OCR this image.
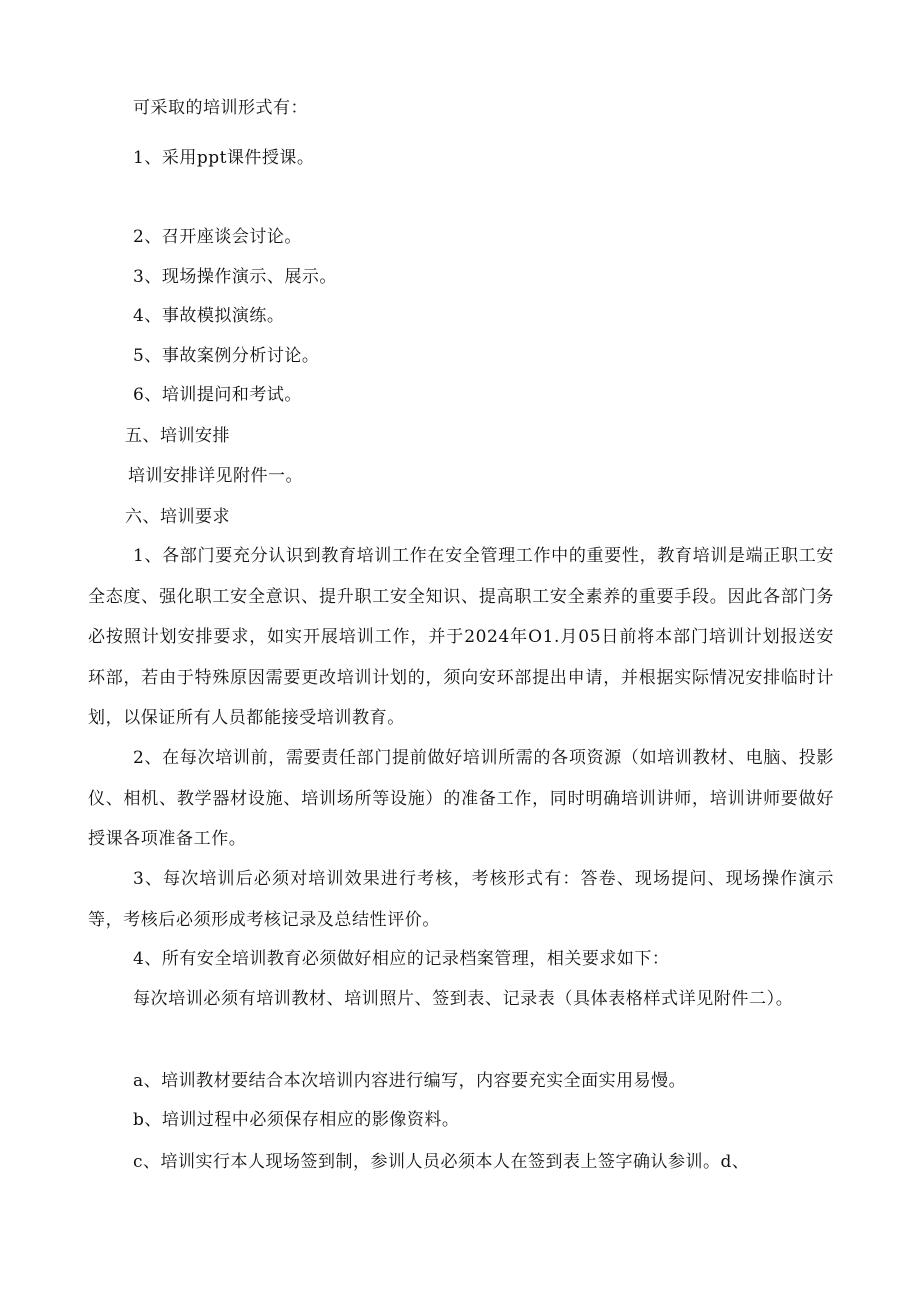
可采取的培训形式有：
1、采用ppt课件授课。
2、召开座谈会讨论。
3、现场操作演示、展示。
4、事故模拟演练。
5、事故案例分析讨论。
6、培训提问和考试。
五、培训安排
培训安排详见附件一。
六、培训要求
1、各部门要充分认识到教育培训工作在安全管理工作中的重要性，教育培训是端正职工安全态度、强化职工安全意识、提升职工安全知识、提高职工安全素养的重要手段。因此各部门务必按照计划安排要求，如实开展培训工作，并于2024年O1.月05日前将本部门培训计划报送安环部，若由于特殊原因需要更改培训计划的，须向安环部提出申请，并根据实际情况安排临时计划，以保证所有人员都能接受培训教育。
2、在每次培训前，需要责任部门提前做好培训所需的各项资源（如培训教材、电脑、投影仪、相机、教学器材设施、培训场所等设施）的准备工作，同时明确培训讲师，培训讲师要做好授课各项准备工作。
3、每次培训后必须对培训效果进行考核，考核形式有：答卷、现场提问、现场操作演示等，考核后必须形成考核记录及总结性评价。
4、所有安全培训教育必须做好相应的记录档案管理，相关要求如下：
每次培训必须有培训教材、培训照片、签到表、记录表（具体表格样式详见附件二）。
a、培训教材要结合本次培训内容进行编写，内容要充实全面实用易慢。
b、培训过程中必须保存相应的影像资料。
c、培训实行本人现场签到制，参训人员必须本人在签到表上签字确认参训。d、
